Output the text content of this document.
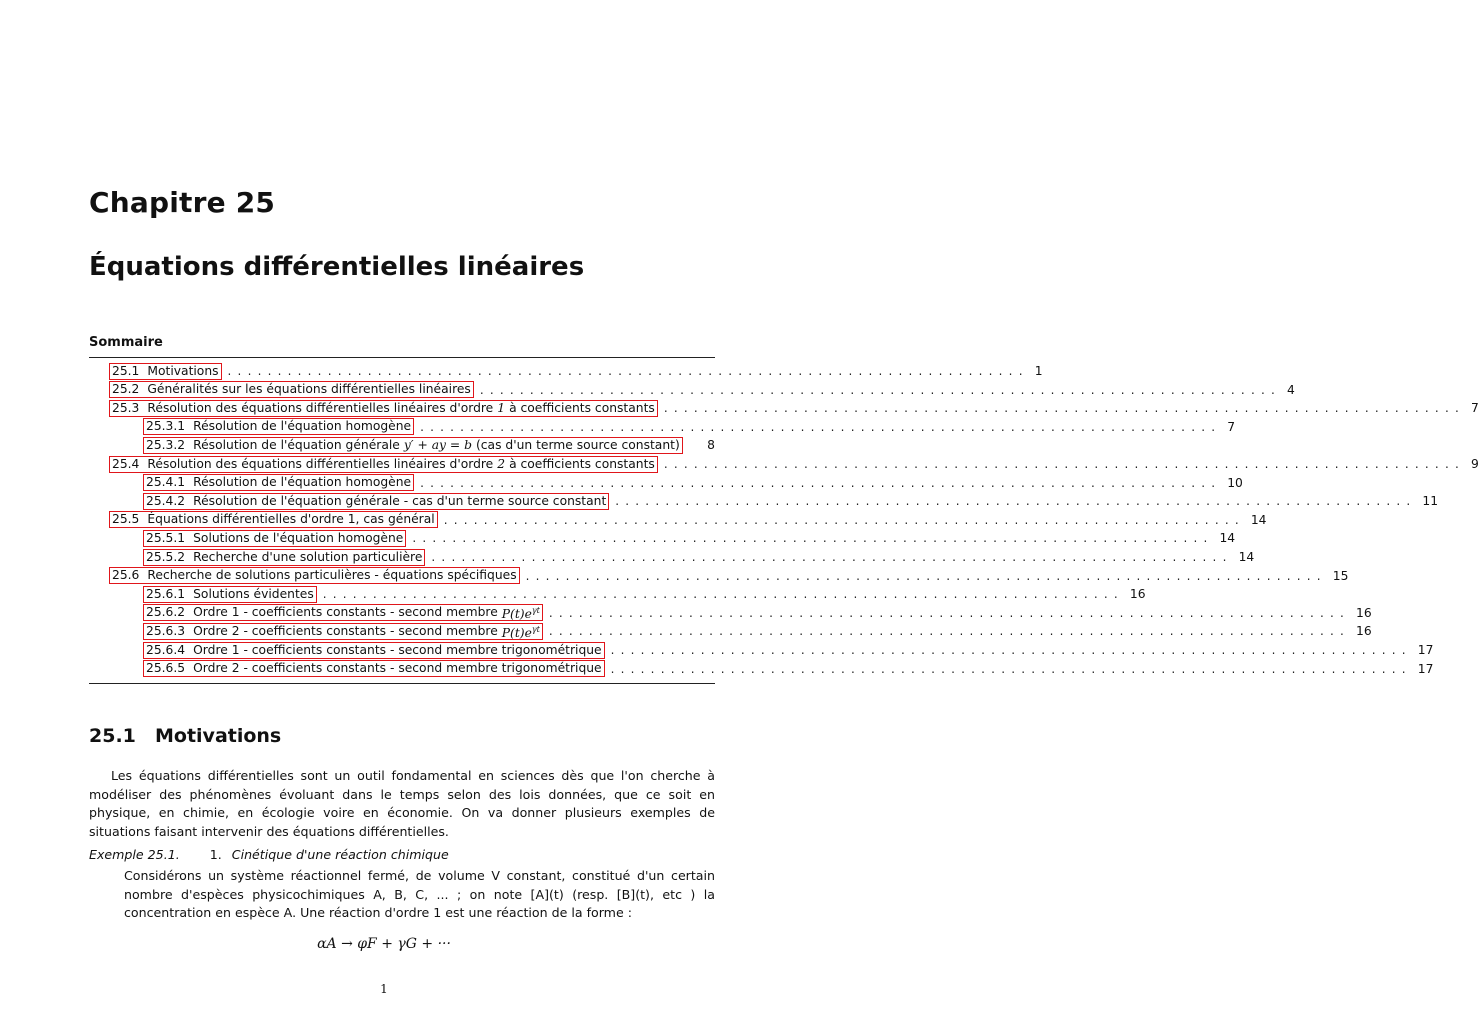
Chapitre 25
Équations différentielles linéaires
Sommaire
25.1 Motivations ................................................................................ 1
25.2 Généralités sur les équations différentielles linéaires ................................................................................ 4
25.3 Résolution des équations différentielles linéaires d'ordre 1 à coefficients constants ................................................................................ 7
25.3.1 Résolution de l'équation homogène ................................................................................ 7
25.3.2 Résolution de l'équation générale y′ + ay = b (cas d'un terme source constant)	8
25.4 Résolution des équations différentielles linéaires d'ordre 2 à coefficients constants ................................................................................ 9
25.4.1 Résolution de l'équation homogène ................................................................................ 10
25.4.2 Résolution de l'équation générale - cas d'un terme source constant ................................................................................ 11
25.5 Équations différentielles d'ordre 1, cas général ................................................................................ 14
25.5.1 Solutions de l'équation homogène ................................................................................ 14
25.5.2 Recherche d'une solution particulière ................................................................................ 14
25.6 Recherche de solutions particulières - équations spécifiques ................................................................................ 15
25.6.1 Solutions évidentes ................................................................................ 16
25.6.2 Ordre 1 - coefficients constants - second membre $P(t)e^{\gamma t}$ ................................................................................ 16
25.6.3 Ordre 2 - coefficients constants - second membre $P(t)e^{\gamma t}$ ................................................................................ 16
25.6.4 Ordre 1 - coefficients constants - second membre trigonométrique ................................................................................ 17
25.6.5 Ordre 2 - coefficients constants - second membre trigonométrique ................................................................................ 17
25.1 Motivations
Les équations différentielles sont un outil fondamental en sciences dès que l'on cherche à modéliser des phénomènes évoluant dans le temps selon des lois données, que ce soit en physique, en chimie, en écologie voire en économie. On va donner plusieurs exemples de situations faisant intervenir des équations différentielles.
Exemple 25.1. 1. Cinétique d'une réaction chimique
Considérons un système réactionnel fermé, de volume V constant, constitué d'un certain nombre d'espèces physicochimiques A, B, C, ... ; on note [A](t) (resp. [B](t), etc ) la concentration en espèce A. Une réaction d'ordre 1 est une réaction de la forme :
αA → φF + γG + ···
1
